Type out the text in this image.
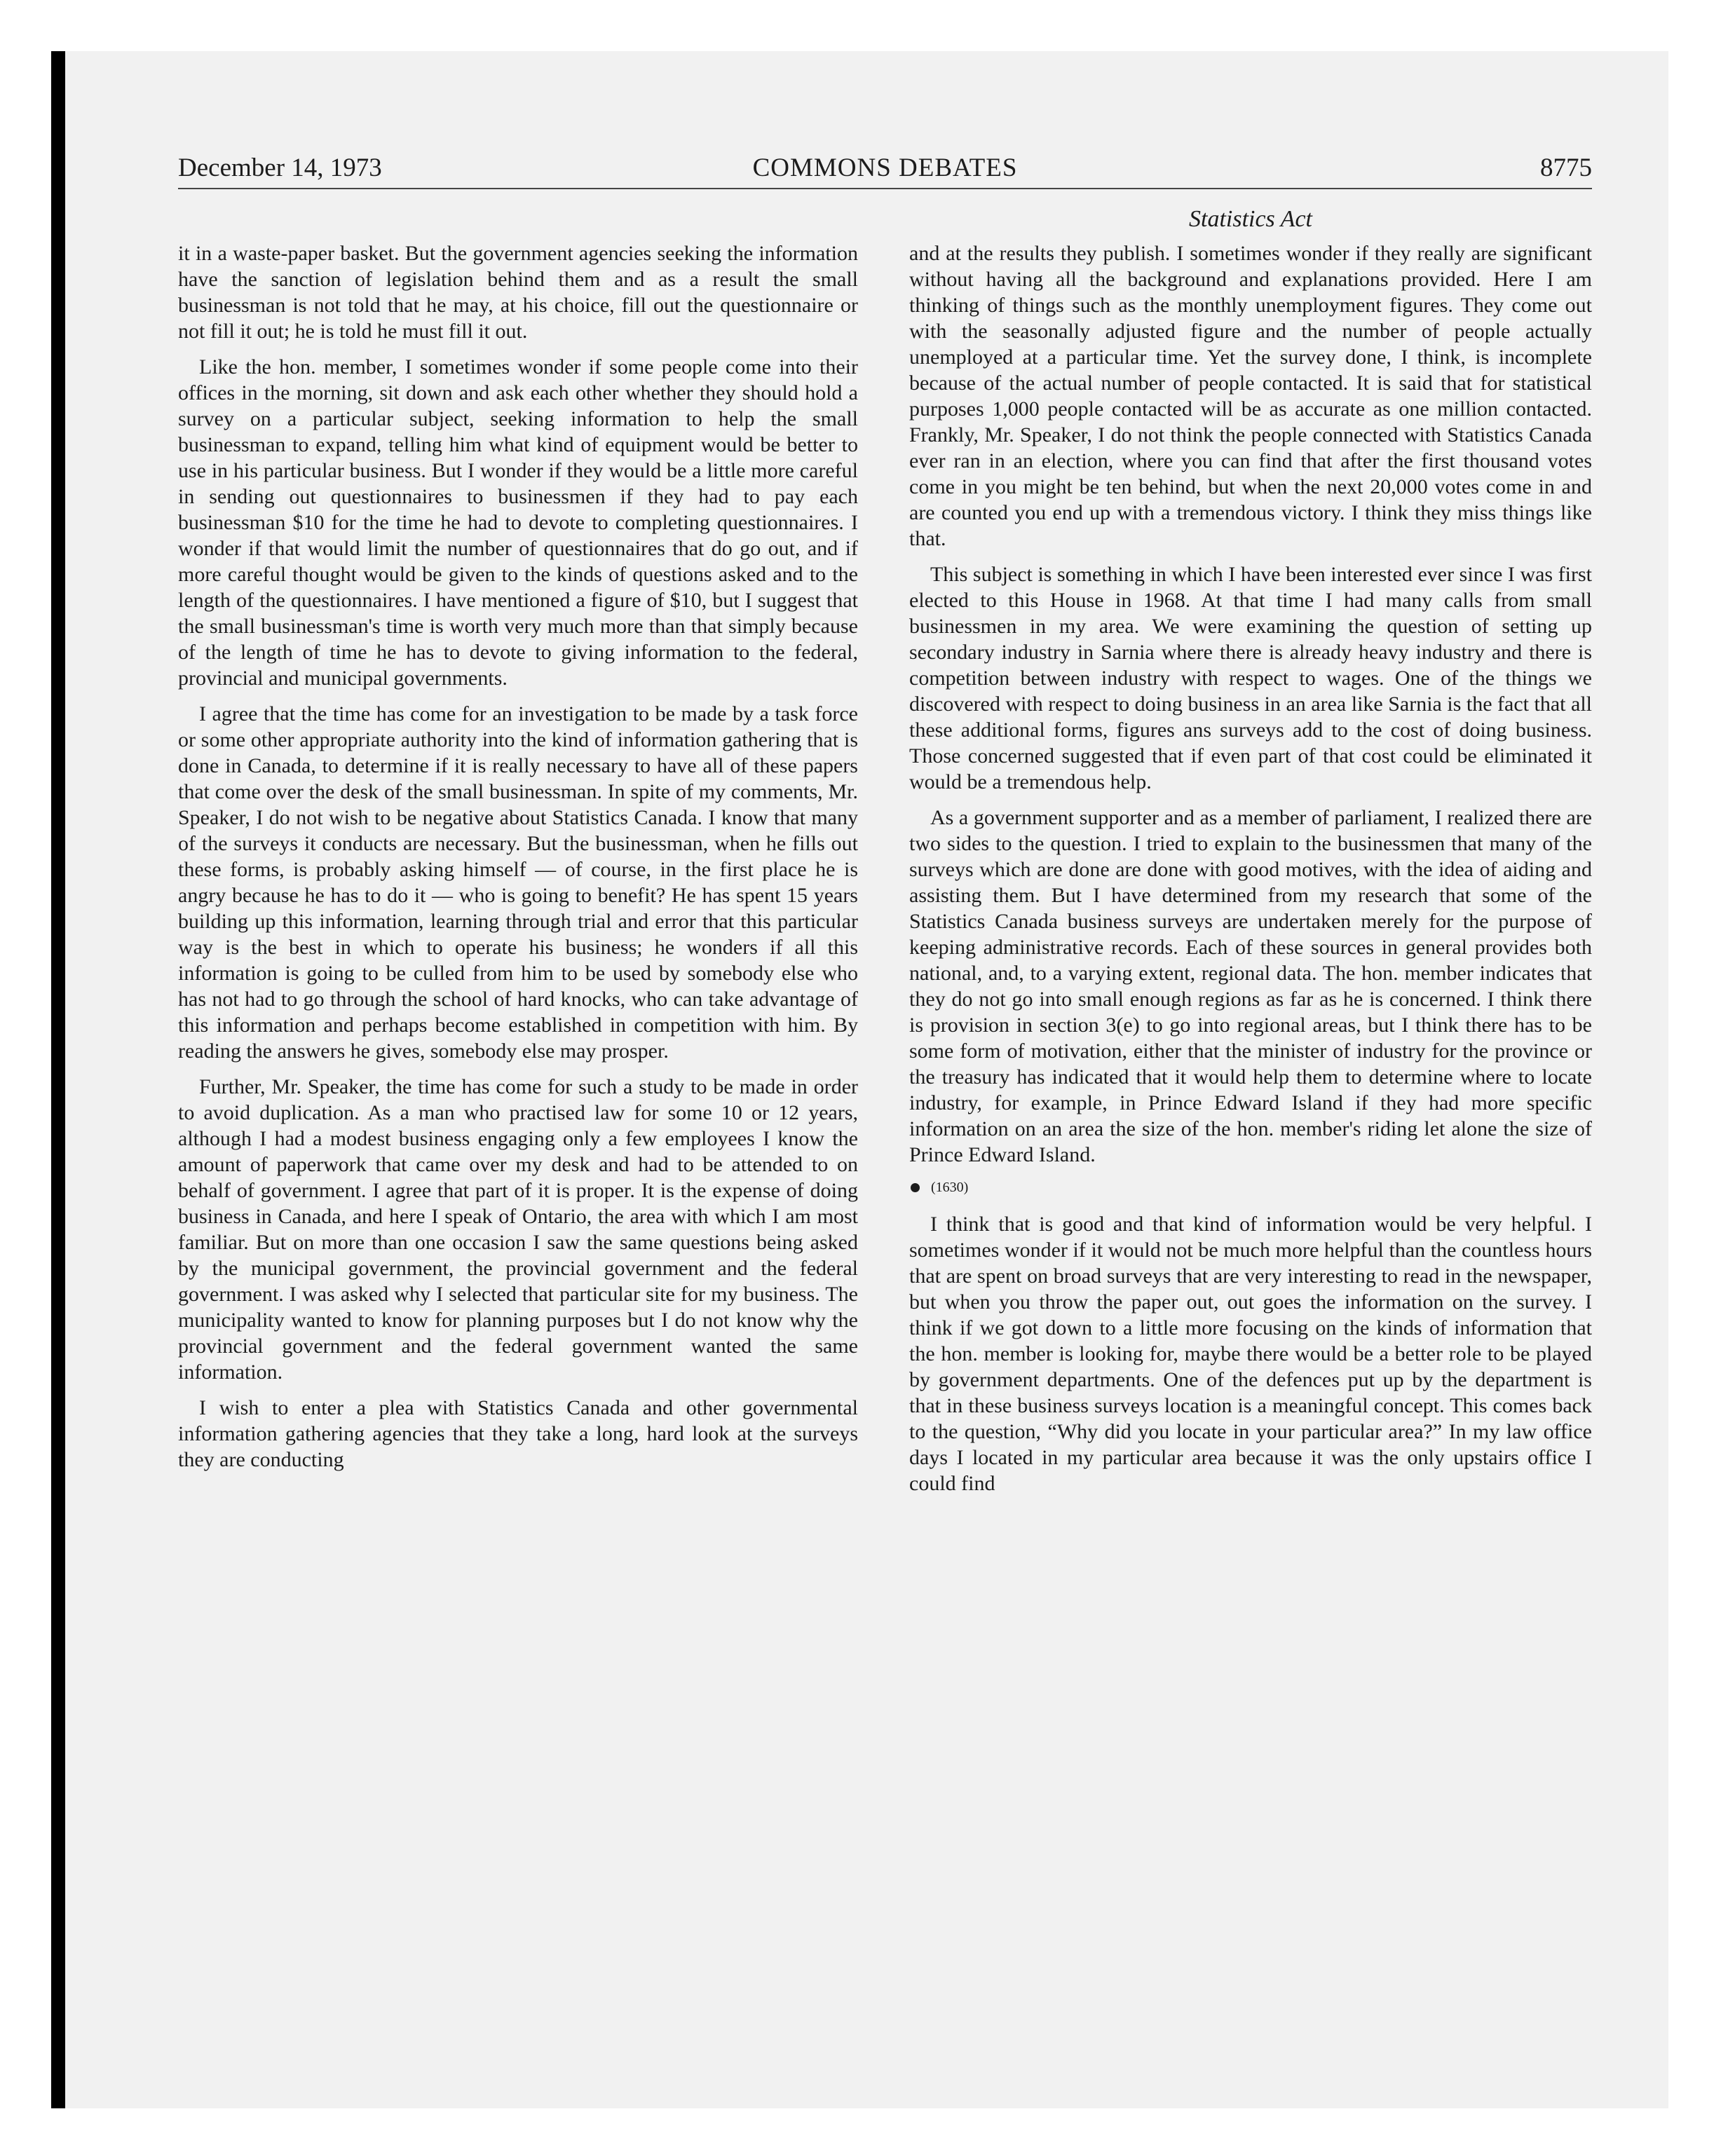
December 14, 1973	COMMONS DEBATES	8775
Statistics Act

it in a waste-paper basket. But the government agencies seeking the information have the sanction of legislation behind them and as a result the small businessman is not told that he may, at his choice, fill out the questionnaire or not fill it out; he is told he must fill it out.

Like the hon. member, I sometimes wonder if some people come into their offices in the morning, sit down and ask each other whether they should hold a survey on a particular subject, seeking information to help the small businessman to expand, telling him what kind of equipment would be better to use in his particular business. But I wonder if they would be a little more careful in sending out questionnaires to businessmen if they had to pay each businessman $10 for the time he had to devote to completing questionnaires. I wonder if that would limit the number of questionnaires that do go out, and if more careful thought would be given to the kinds of questions asked and to the length of the questionnaires. I have mentioned a figure of $10, but I suggest that the small businessman's time is worth very much more than that simply because of the length of time he has to devote to giving information to the federal, provincial and municipal governments.

I agree that the time has come for an investigation to be made by a task force or some other appropriate authority into the kind of information gathering that is done in Canada, to determine if it is really necessary to have all of these papers that come over the desk of the small businessman. In spite of my comments, Mr. Speaker, I do not wish to be negative about Statistics Canada. I know that many of the surveys it conducts are necessary. But the businessman, when he fills out these forms, is probably asking himself — of course, in the first place he is angry because he has to do it — who is going to benefit? He has spent 15 years building up this information, learning through trial and error that this particular way is the best in which to operate his business; he wonders if all this information is going to be culled from him to be used by somebody else who has not had to go through the school of hard knocks, who can take advantage of this information and perhaps become established in competition with him. By reading the answers he gives, somebody else may prosper.

Further, Mr. Speaker, the time has come for such a study to be made in order to avoid duplication. As a man who practised law for some 10 or 12 years, although I had a modest business engaging only a few employees I know the amount of paperwork that came over my desk and had to be attended to on behalf of government. I agree that part of it is proper. It is the expense of doing business in Canada, and here I speak of Ontario, the area with which I am most familiar. But on more than one occasion I saw the same questions being asked by the municipal government, the provincial government and the federal government. I was asked why I selected that particular site for my business. The municipality wanted to know for planning purposes but I do not know why the provincial government and the federal government wanted the same information.

I wish to enter a plea with Statistics Canada and other governmental information gathering agencies that they take a long, hard look at the surveys they are conducting

and at the results they publish. I sometimes wonder if they really are significant without having all the background and explanations provided. Here I am thinking of things such as the monthly unemployment figures. They come out with the seasonally adjusted figure and the number of people actually unemployed at a particular time. Yet the survey done, I think, is incomplete because of the actual number of people contacted. It is said that for statistical purposes 1,000 people contacted will be as accurate as one million contacted. Frankly, Mr. Speaker, I do not think the people connected with Statistics Canada ever ran in an election, where you can find that after the first thousand votes come in you might be ten behind, but when the next 20,000 votes come in and are counted you end up with a tremendous victory. I think they miss things like that.

This subject is something in which I have been interested ever since I was first elected to this House in 1968. At that time I had many calls from small businessmen in my area. We were examining the question of setting up secondary industry in Sarnia where there is already heavy industry and there is competition between industry with respect to wages. One of the things we discovered with respect to doing business in an area like Sarnia is the fact that all these additional forms, figures ans surveys add to the cost of doing business. Those concerned suggested that if even part of that cost could be eliminated it would be a tremendous help.

As a government supporter and as a member of parliament, I realized there are two sides to the question. I tried to explain to the businessmen that many of the surveys which are done are done with good motives, with the idea of aiding and assisting them. But I have determined from my research that some of the Statistics Canada business surveys are undertaken merely for the purpose of keeping administrative records. Each of these sources in general provides both national, and, to a varying extent, regional data. The hon. member indicates that they do not go into small enough regions as far as he is concerned. I think there is provision in section 3(e) to go into regional areas, but I think there has to be some form of motivation, either that the minister of industry for the province or the treasury has indicated that it would help them to determine where to locate industry, for example, in Prince Edward Island if they had more specific information on an area the size of the hon. member's riding let alone the size of Prince Edward Island.

(1630)

I think that is good and that kind of information would be very helpful. I sometimes wonder if it would not be much more helpful than the countless hours that are spent on broad surveys that are very interesting to read in the newspaper, but when you throw the paper out, out goes the information on the survey. I think if we got down to a little more focusing on the kinds of information that the hon. member is looking for, maybe there would be a better role to be played by government departments. One of the defences put up by the department is that in these business surveys location is a meaningful concept. This comes back to the question, “Why did you locate in your particular area?” In my law office days I located in my particular area because it was the only upstairs office I could find
